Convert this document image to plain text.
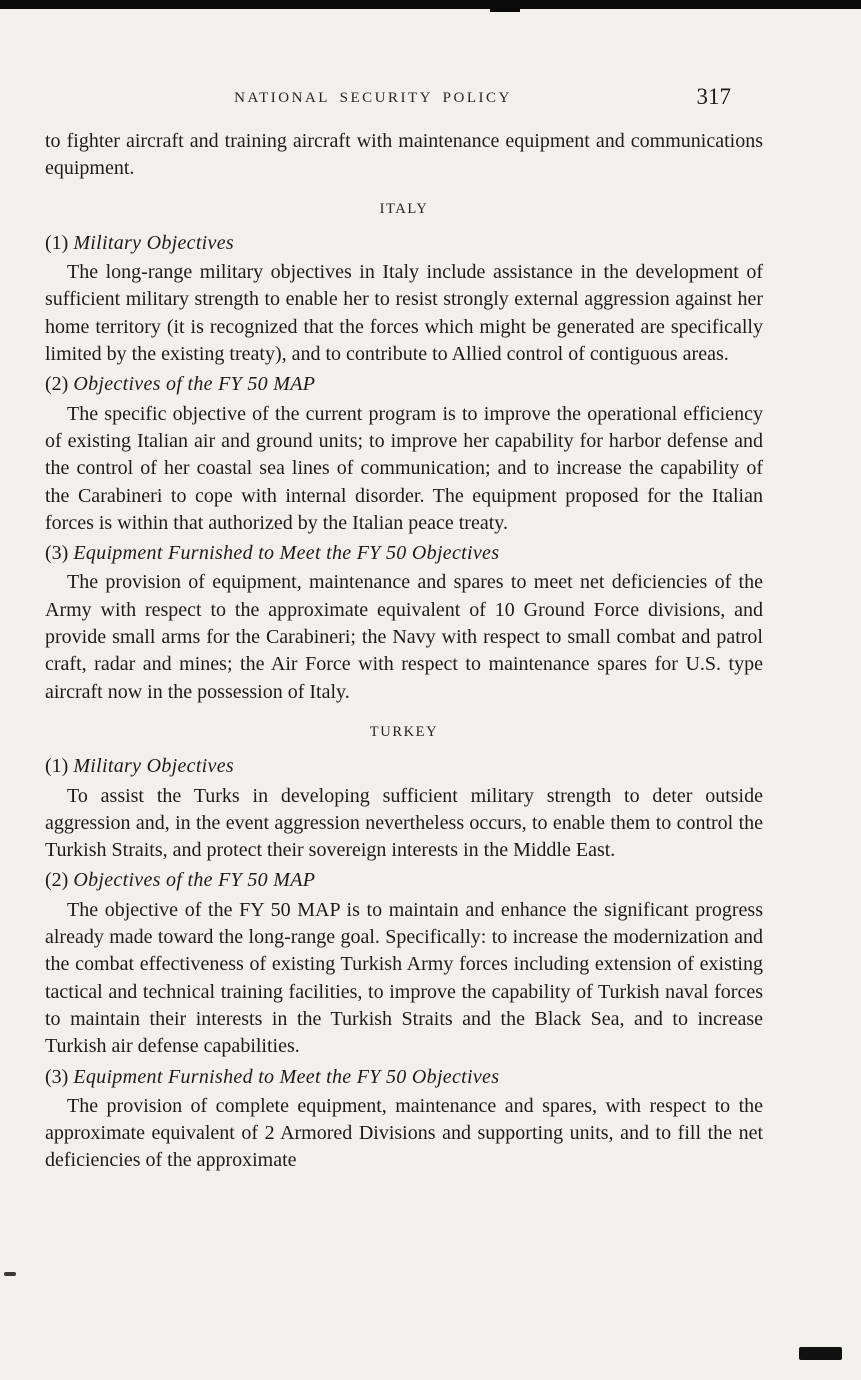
NATIONAL SECURITY POLICY	317

to fighter aircraft and training aircraft with maintenance equipment and communications equipment.

ITALY
(1) Military Objectives

The long-range military objectives in Italy include assistance in the development of sufficient military strength to enable her to resist strongly external aggression against her home territory (it is recognized that the forces which might be generated are specifically limited by the existing treaty), and to contribute to Allied control of contiguous areas.

(2) Objectives of the FY 50 MAP

The specific objective of the current program is to improve the operational efficiency of existing Italian air and ground units; to improve her capability for harbor defense and the control of her coastal sea lines of communication; and to increase the capability of the Carabineri to cope with internal disorder. The equipment proposed for the Italian forces is within that authorized by the Italian peace treaty.

(3) Equipment Furnished to Meet the FY 50 Objectives

The provision of equipment, maintenance and spares to meet net deficiencies of the Army with respect to the approximate equivalent of 10 Ground Force divisions, and provide small arms for the Carabineri; the Navy with respect to small combat and patrol craft, radar and mines; the Air Force with respect to maintenance spares for U.S. type aircraft now in the possession of Italy.

TURKEY
(1) Military Objectives

To assist the Turks in developing sufficient military strength to deter outside aggression and, in the event aggression nevertheless occurs, to enable them to control the Turkish Straits, and protect their sovereign interests in the Middle East.

(2) Objectives of the FY 50 MAP

The objective of the FY 50 MAP is to maintain and enhance the significant progress already made toward the long-range goal. Specifically: to increase the modernization and the combat effectiveness of existing Turkish Army forces including extension of existing tactical and technical training facilities, to improve the capability of Turkish naval forces to maintain their interests in the Turkish Straits and the Black Sea, and to increase Turkish air defense capabilities.

(3) Equipment Furnished to Meet the FY 50 Objectives

The provision of complete equipment, maintenance and spares, with respect to the approximate equivalent of 2 Armored Divisions and supporting units, and to fill the net deficiencies of the approximate
